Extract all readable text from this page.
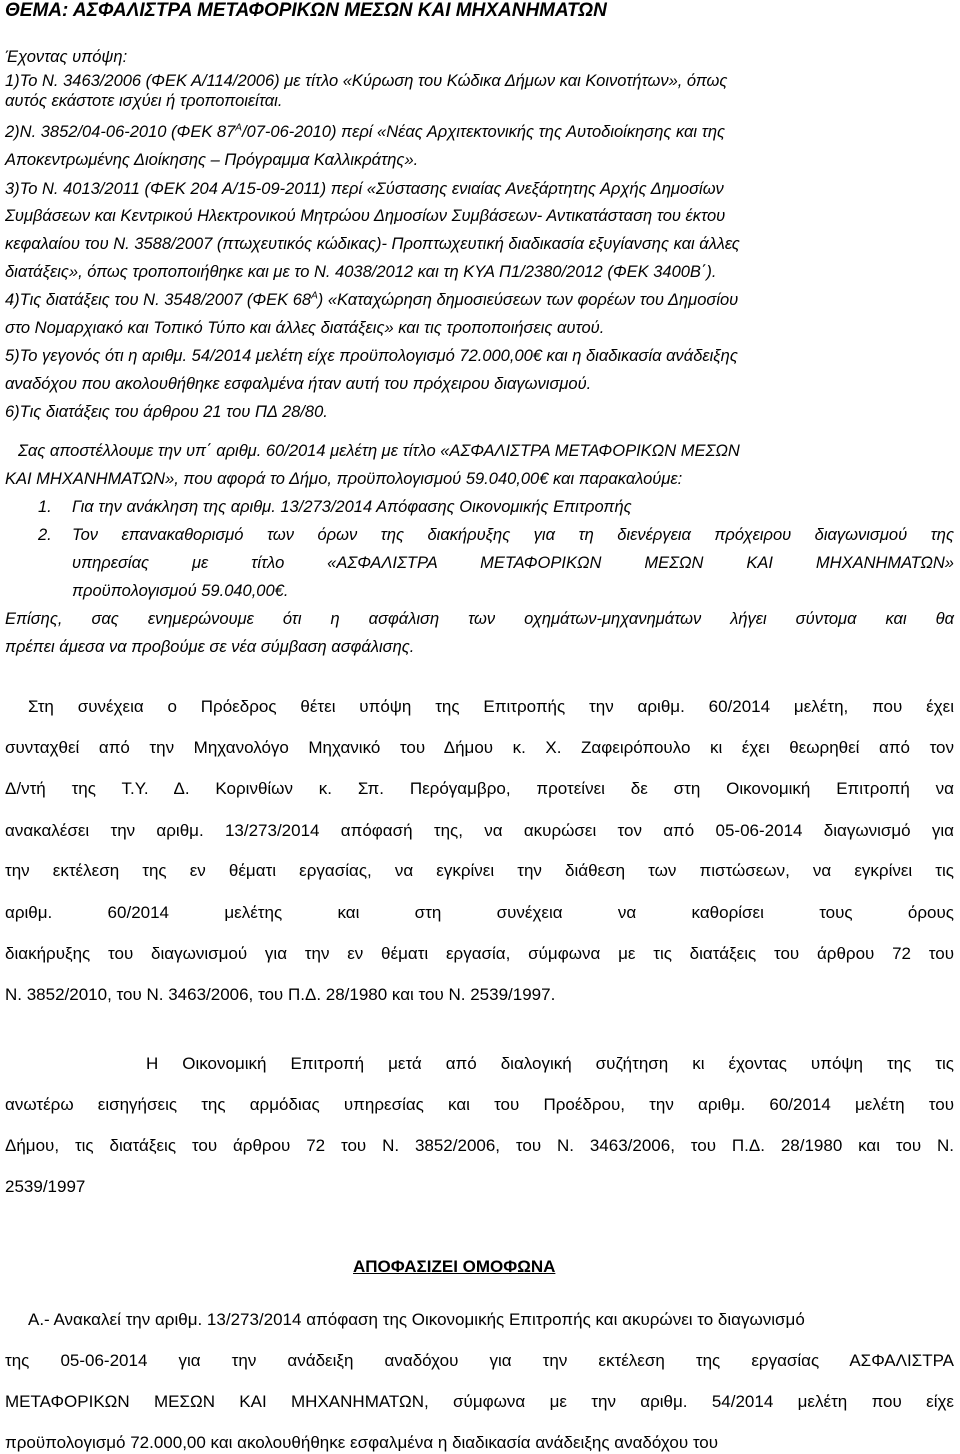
ΘΕΜΑ: ΑΣΦΑΛΙΣΤΡΑ ΜΕΤΑΦΟΡΙΚΩΝ ΜΕΣΩΝ ΚΑΙ ΜΗΧΑΝΗΜΑΤΩΝ
Έχοντας υπόψη:
1)Το Ν. 3463/2006 (ΦΕΚ Α/114/2006) με τίτλο «Κύρωση του Κώδικα Δήμων και Κοινοτήτων», όπως
αυτός εκάστοτε ισχύει ή τροποποιείται.
2)Ν. 3852/04-06-2010 (ΦΕΚ $87^A/07-06-2010$) περί «Νέας Αρχιτεκτονικής της Αυτοδιοίκησης και της
Αποκεντρωμένης Διοίκησης – Πρόγραμμα Καλλικράτης».
3)Το Ν. 4013/2011 (ΦΕΚ 204 Α/15-09-2011) περί «Σύστασης ενιαίας Ανεξάρτητης Αρχής Δημοσίων
Συμβάσεων και Κεντρικού Ηλεκτρονικού Μητρώου Δημοσίων Συμβάσεων- Αντικατάσταση του έκτου
κεφαλαίου του Ν. 3588/2007 (πτωχευτικός κώδικας)- Προπτωχευτική διαδικασία εξυγίανσης και άλλες
διατάξεις», όπως τροποποιήθηκε και με το Ν. 4038/2012 και τη ΚΥΑ Π1/2380/2012 (ΦΕΚ 3400Β΄).
4)Τις διατάξεις του Ν. 3548/2007 (ΦΕΚ $68^A$) «Καταχώρηση δημοσιεύσεων των φορέων του Δημοσίου
στο Νομαρχιακό και Τοπικό Τύπο και άλλες διατάξεις» και τις τροποποιήσεις αυτού.
5)Το γεγονός ότι η αριθμ. 54/2014 μελέτη είχε προϋπολογισμό 72.000,00€ και η διαδικασία ανάδειξης
αναδόχου που ακολουθήθηκε εσφαλμένα ήταν αυτή του πρόχειρου διαγωνισμού.
6)Τις διατάξεις του άρθρου 21 του ΠΔ 28/80.
Σας αποστέλλουμε την υπ΄ αριθμ. 60/2014 μελέτη με τίτλο «ΑΣΦΑΛΙΣΤΡΑ ΜΕΤΑΦΟΡΙΚΩΝ ΜΕΣΩΝ
ΚΑΙ ΜΗΧΑΝΗΜΑΤΩΝ», που αφορά το Δήμο, προϋπολογισμού 59.040,00€ και παρακαλούμε:
1. Για την ανάκληση της αριθμ. 13/273/2014 Απόφασης Οικονομικής Επιτροπής
2. Τον επανακαθορισμό των όρων της διακήρυξης για τη διενέργεια πρόχειρου διαγωνισμού της
υπηρεσίας με τίτλο «ΑΣΦΑΛΙΣΤΡΑ ΜΕΤΑΦΟΡΙΚΩΝ ΜΕΣΩΝ ΚΑΙ ΜΗΧΑΝΗΜΑΤΩΝ»
προϋπολογισμού 59.040,00€.
Επίσης, σας ενημερώνουμε ότι η ασφάλιση των οχημάτων-μηχανημάτων λήγει σύντομα και θα
πρέπει άμεσα να προβούμε σε νέα σύμβαση ασφάλισης.
Στη συνέχεια ο Πρόεδρος θέτει υπόψη της Επιτροπής την αριθμ. 60/2014 μελέτη, που έχει
συνταχθεί από την Μηχανολόγο Μηχανικό του Δήμου κ. Χ. Ζαφειρόπουλο κι έχει θεωρηθεί από τον
Δ/ντή της Τ.Υ. Δ. Κορινθίων κ. Σπ. Περόγαμβρο, προτείνει δε στη Οικονομική Επιτροπή να
ανακαλέσει την αριθμ. 13/273/2014 απόφασή της, να ακυρώσει τον από 05-06-2014 διαγωνισμό για
την εκτέλεση της εν θέματι εργασίας, να εγκρίνει την διάθεση των πιστώσεων, να εγκρίνει τις
αριθμ. 60/2014 μελέτης και στη συνέχεια να καθορίσει τους όρους
διακήρυξης του διαγωνισμού για την εν θέματι εργασία, σύμφωνα με τις διατάξεις του άρθρου 72 του
Ν. 3852/2010, του Ν. 3463/2006, του Π.Δ. 28/1980 και του Ν. 2539/1997.
Η Οικονομική Επιτροπή μετά από διαλογική συζήτηση κι έχοντας υπόψη της τις
ανωτέρω εισηγήσεις της αρμόδιας υπηρεσίας και του Προέδρου, την αριθμ. 60/2014 μελέτη του
Δήμου, τις διατάξεις του άρθρου 72 του Ν. 3852/2006, του Ν. 3463/2006, του Π.Δ. 28/1980 και του Ν.
2539/1997
ΑΠΟΦΑΣΙΖΕΙ ΟΜΟΦΩΝΑ
Α.- Ανακαλεί την αριθμ. 13/273/2014 απόφαση της Οικονομικής Επιτροπής και ακυρώνει το διαγωνισμό
της 05-06-2014 για την ανάδειξη αναδόχου για την εκτέλεση της εργασίας ΑΣΦΑΛΙΣΤΡΑ
ΜΕΤΑΦΟΡΙΚΩΝ ΜΕΣΩΝ ΚΑΙ ΜΗΧΑΝΗΜΑΤΩΝ, σύμφωνα με την αριθμ. 54/2014 μελέτη που είχε
προϋπολογισμό 72.000,00 και ακολουθήθηκε εσφαλμένα η διαδικασία ανάδειξης αναδόχου του
